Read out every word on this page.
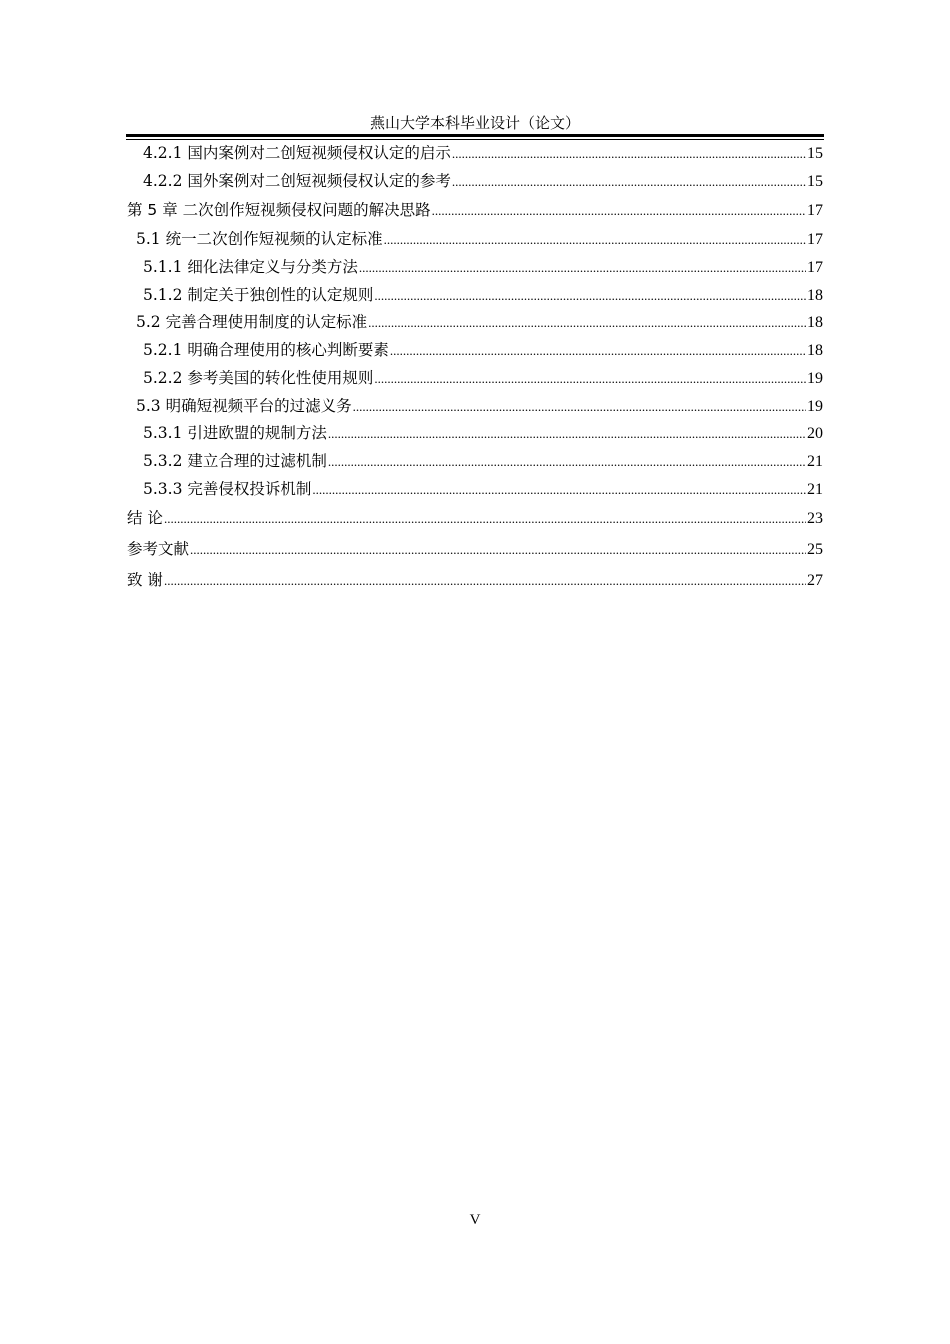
燕山大学本科毕业设计（论文）
4.2.1 国内案例对二创短视频侵权认定的启示 .....	15
4.2.2 国外案例对二创短视频侵权认定的参考 .....	15
第 5 章 二次创作短视频侵权问题的解决思路 .....	17
5.1 统一二次创作短视频的认定标准 .....	17
5.1.1 细化法律定义与分类方法 .....	17
5.1.2 制定关于独创性的认定规则 .....	18
5.2 完善合理使用制度的认定标准 .....	18
5.2.1 明确合理使用的核心判断要素 .....	18
5.2.2 参考美国的转化性使用规则 .....	19
5.3 明确短视频平台的过滤义务 .....	19
5.3.1 引进欧盟的规制方法 .....	20
5.3.2 建立合理的过滤机制 .....	21
5.3.3 完善侵权投诉机制 .....	21
结 论 .....	23
参考文献 .....	25
致 谢 .....	27
V
